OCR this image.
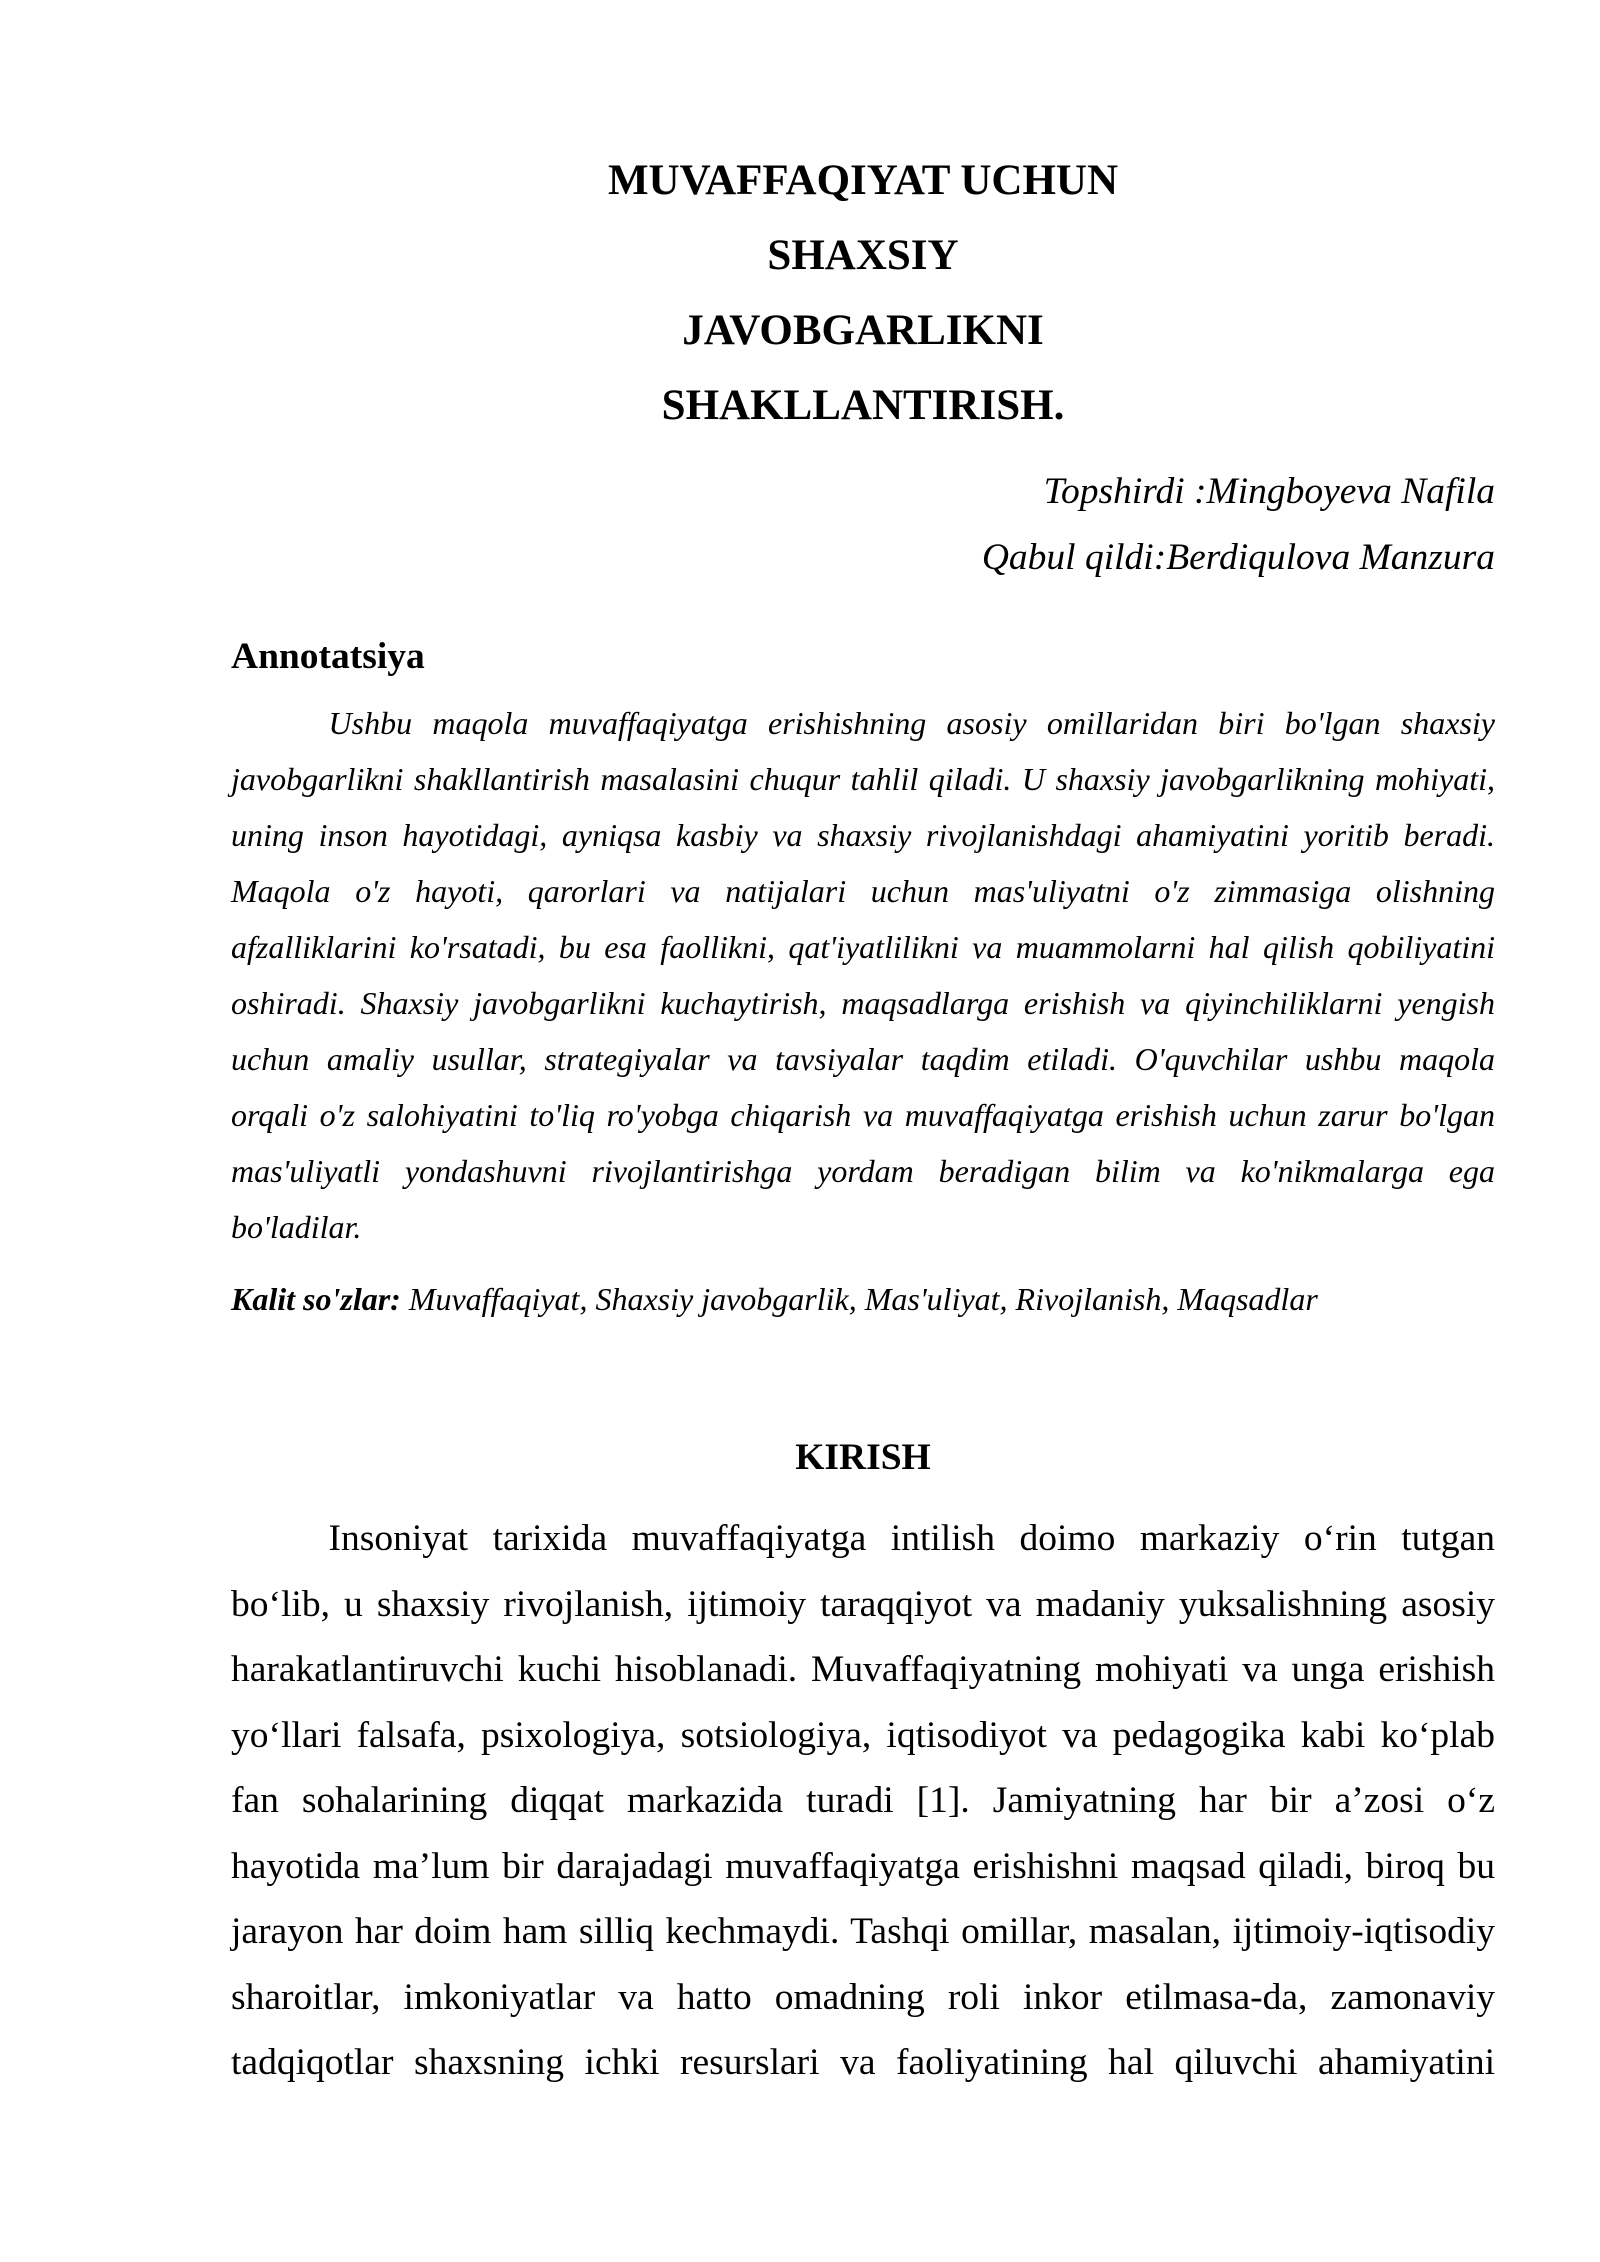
MUVAFFAQIYAT UCHUN
SHAXSIY
JAVOBGARLIKNI
SHAKLLANTIRISH.
Topshirdi :Mingboyeva Nafila
Qabul qildi:Berdiqulova Manzura
Annotatsiya
Ushbu maqola muvaffaqiyatga erishishning asosiy omillaridan biri bo'lgan shaxsiy
javobgarlikni shakllantirish masalasini chuqur tahlil qiladi. U shaxsiy javobgarlikning mohiyati,
uning inson hayotidagi, ayniqsa kasbiy va shaxsiy rivojlanishdagi ahamiyatini yoritib beradi.
Maqola o'z hayoti, qarorlari va natijalari uchun mas'uliyatni o'z zimmasiga olishning
afzalliklarini ko'rsatadi, bu esa faollikni, qat'iyatlilikni va muammolarni hal qilish qobiliyatini
oshiradi. Shaxsiy javobgarlikni kuchaytirish, maqsadlarga erishish va qiyinchiliklarni yengish
uchun amaliy usullar, strategiyalar va tavsiyalar taqdim etiladi. O'quvchilar ushbu maqola
orqali o'z salohiyatini to'liq ro'yobga chiqarish va muvaffaqiyatga erishish uchun zarur bo'lgan
mas'uliyatli yondashuvni rivojlantirishga yordam beradigan bilim va ko'nikmalarga ega
bo'ladilar.
Kalit so'zlar: Muvaffaqiyat, Shaxsiy javobgarlik, Mas'uliyat, Rivojlanish, Maqsadlar
KIRISH
Insoniyat tarixida muvaffaqiyatga intilish doimo markaziy o‘rin tutgan
bo‘lib, u shaxsiy rivojlanish, ijtimoiy taraqqiyot va madaniy yuksalishning asosiy
harakatlantiruvchi kuchi hisoblanadi. Muvaffaqiyatning mohiyati va unga erishish
yo‘llari falsafa, psixologiya, sotsiologiya, iqtisodiyot va pedagogika kabi ko‘plab
fan sohalarining diqqat markazida turadi [1]. Jamiyatning har bir a’zosi o‘z
hayotida ma’lum bir darajadagi muvaffaqiyatga erishishni maqsad qiladi, biroq bu
jarayon har doim ham silliq kechmaydi. Tashqi omillar, masalan, ijtimoiy-iqtisodiy
sharoitlar, imkoniyatlar va hatto omadning roli inkor etilmasa-da, zamonaviy
tadqiqotlar shaxsning ichki resurslari va faoliyatining hal qiluvchi ahamiyatini
